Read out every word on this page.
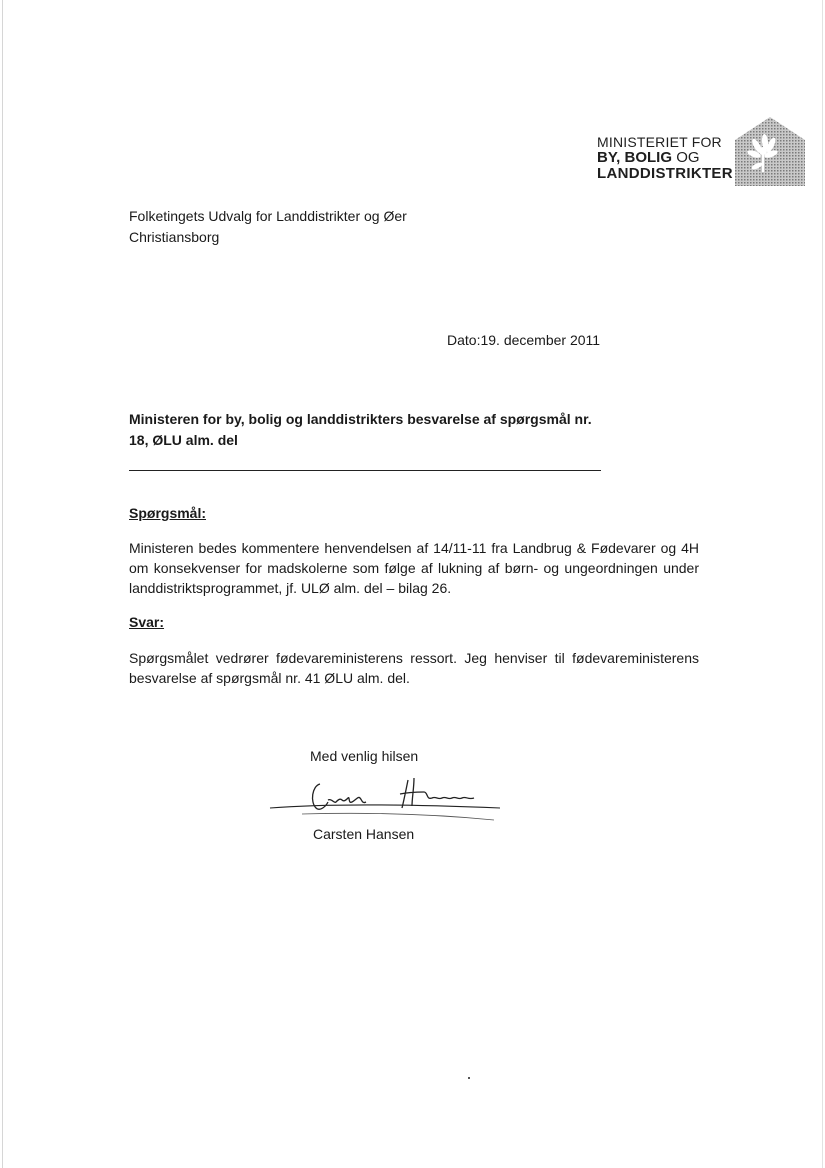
MINISTERIET FOR
BY, BOLIG OG
LANDDISTRIKTER
Folketingets Udvalg for Landdistrikter og Øer
Christiansborg
Dato:19. december 2011
Ministeren for by, bolig og landdistrikters besvarelse af spørgsmål nr. 18, ØLU alm. del
Spørgsmål:
Ministeren bedes kommentere henvendelsen af 14/11-11 fra Landbrug & Fødevarer og 4H om konsekvenser for madskolerne som følge af lukning af børn- og ungeordningen under landdistriktsprogrammet, jf. ULØ alm. del – bilag 26.
Svar:
Spørgsmålet vedrører fødevareministerens ressort. Jeg henviser til fødevareministerens besvarelse af spørgsmål nr. 41 ØLU alm. del.
Med venlig hilsen
Carsten Hansen
